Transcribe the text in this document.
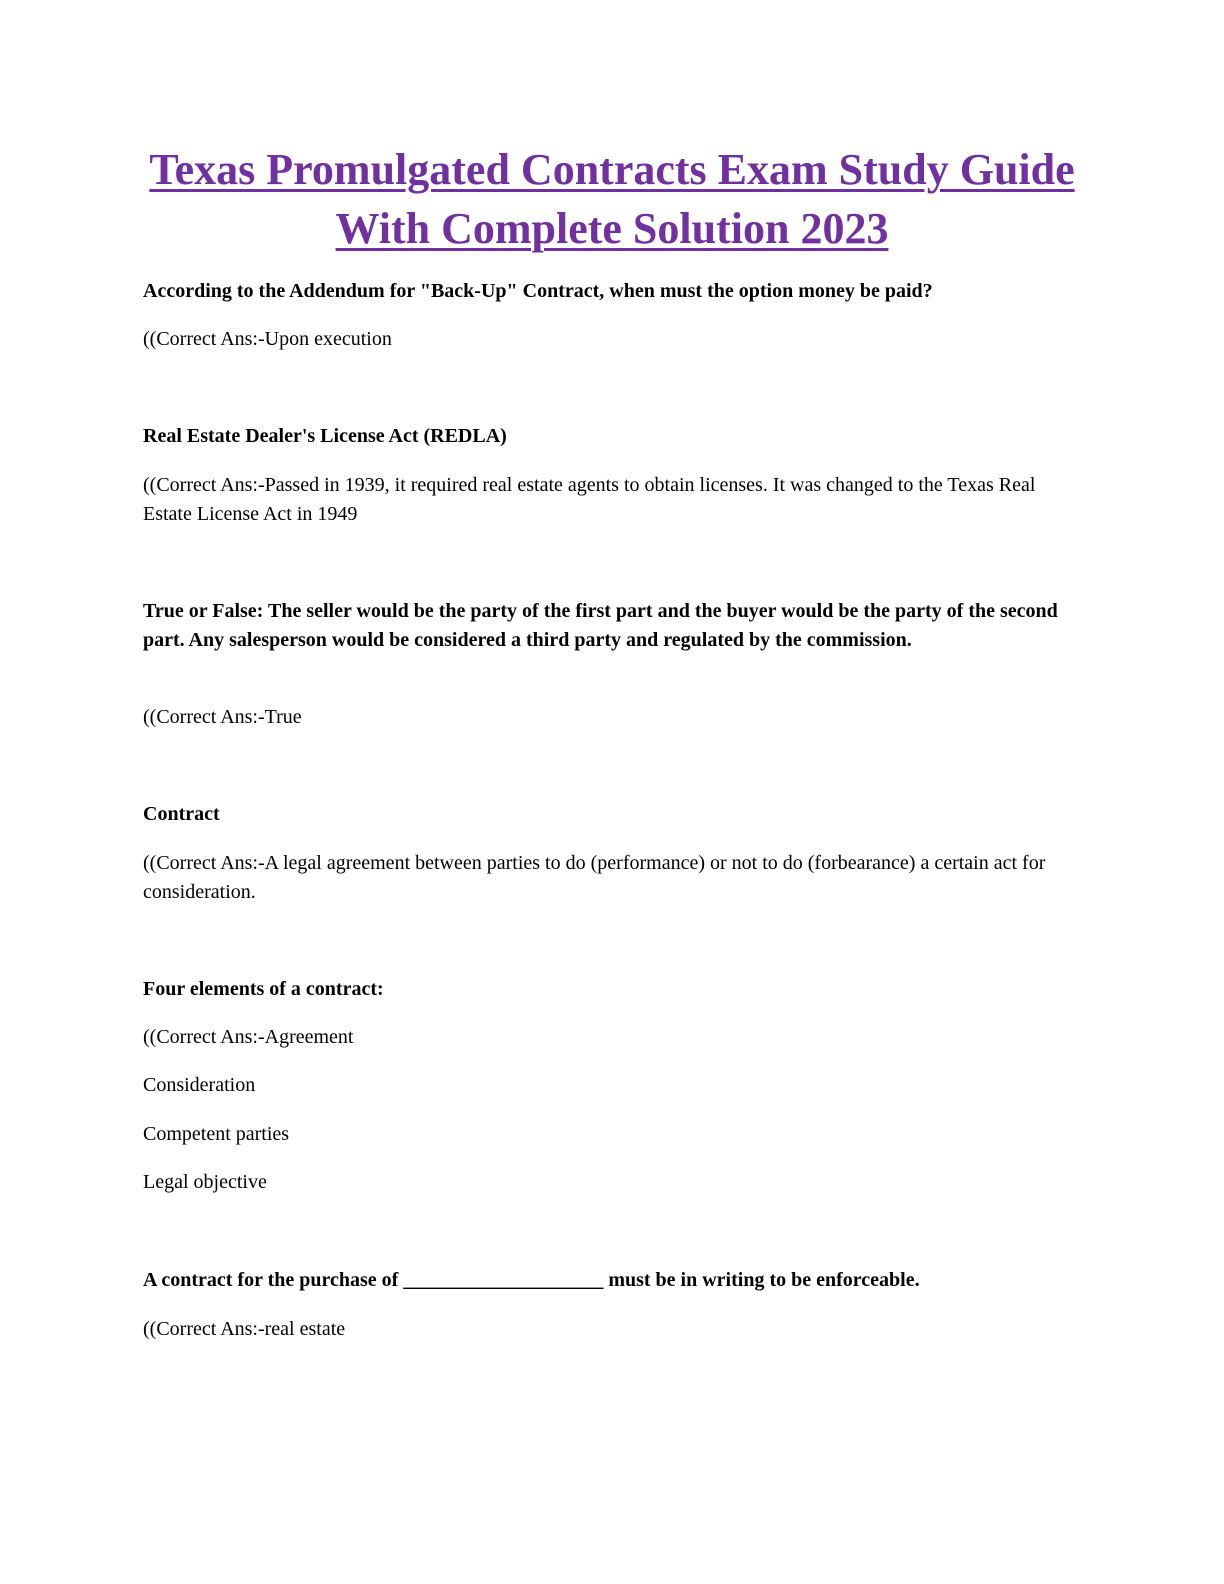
Texas Promulgated Contracts Exam Study Guide
With Complete Solution 2023

According to the Addendum for "Back-Up" Contract, when must the option money be paid?

((Correct Ans:-Upon execution

Real Estate Dealer's License Act (REDLA)

((Correct Ans:-Passed in 1939, it required real estate agents to obtain licenses. It was changed to the Texas Real Estate License Act in 1949

True or False: The seller would be the party of the first part and the buyer would be the party of the second part. Any salesperson would be considered a third party and regulated by the commission.

((Correct Ans:-True

Contract

((Correct Ans:-A legal agreement between parties to do (performance) or not to do (forbearance) a certain act for consideration.

Four elements of a contract:

((Correct Ans:-Agreement

Consideration

Competent parties

Legal objective

A contract for the purchase of ____________________ must be in writing to be enforceable.

((Correct Ans:-real estate
